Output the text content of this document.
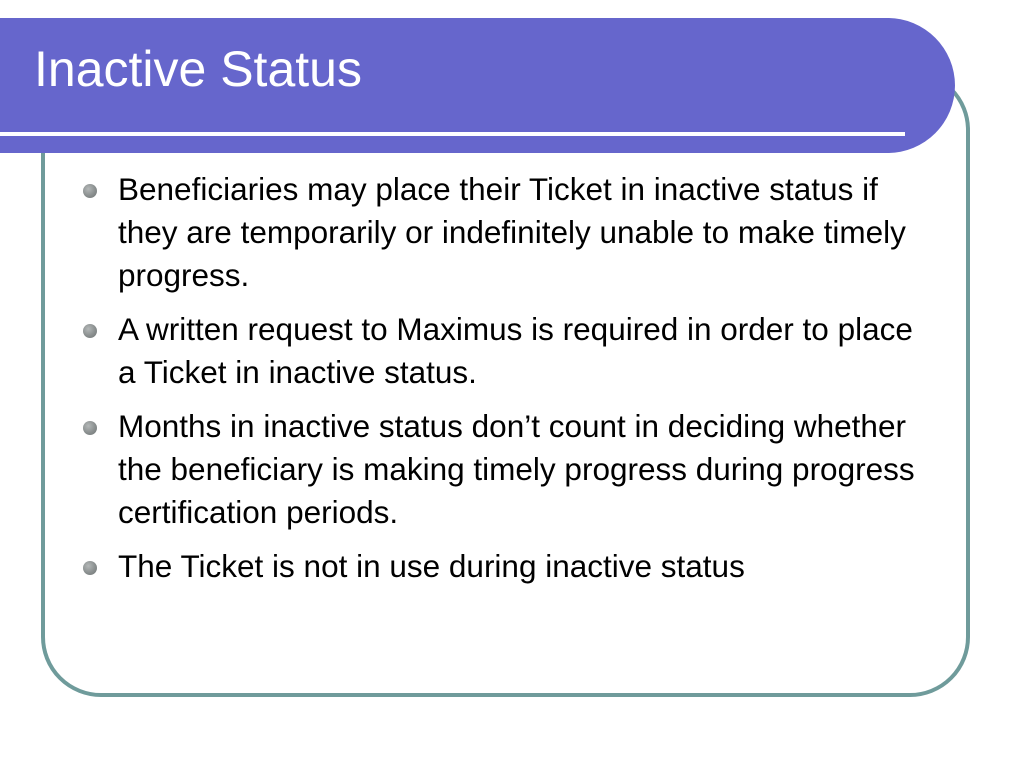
Inactive Status
Beneficiaries may place their Ticket in inactive status if they are temporarily or indefinitely unable to make timely progress.
A written request to Maximus is required in order to place a Ticket in inactive status.
Months in inactive status don’t count in deciding whether the beneficiary is making timely progress during progress certification periods.
The Ticket is not in use during inactive status
